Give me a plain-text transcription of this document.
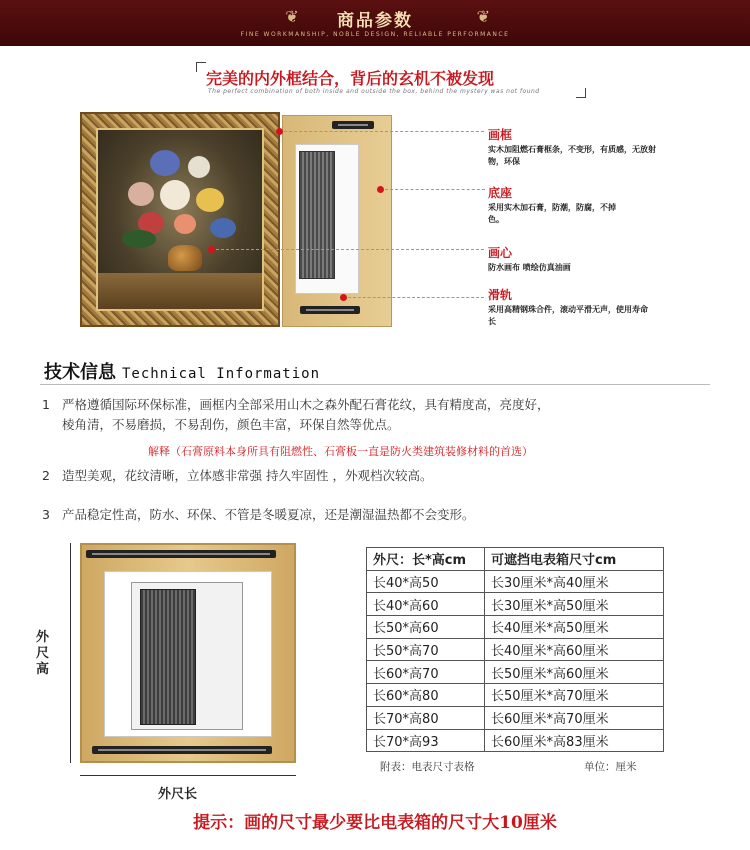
❦	商品参数	❦
FINE WORKMANSHIP, NOBLE DESIGN, RELIABLE PERFORMANCE
完美的内外框结合，背后的玄机不被发现
The perfect combination of both inside and outside the box, behind the mystery was not found
画框
实木加阻燃石膏框条，不变形，有质感，无放射物，环保
底座
采用实木加石膏，防潮，防腐，不掉色。
画心
防水画布 喷绘仿真油画
滑轨
采用高精钢珠合件，滚动平滑无声，使用寿命长
技术信息 Technical Information
1 严格遵循国际环保标准，画框内全部采用山木之森外配石膏花纹，具有精度高，亮度好，
棱角清，不易磨损，不易刮伤，颜色丰富，环保自然等优点。
解释（石膏原料本身所具有阻燃性、石膏板一直是防火类建筑装修材料的首选）
2 造型美观，花纹清晰，立体感非常强 持久牢固性 ，外观档次较高。
3 产品稳定性高，防水、环保、不管是冬暖夏凉，还是潮湿温热都不会变形。
外尺高
外尺长
外尺：长*高cm	可遮挡电表箱尺寸cm
长40*高50	长30厘米*高40厘米
长40*高60	长30厘米*高50厘米
长50*高60	长40厘米*高50厘米
长50*高70	长40厘米*高60厘米
长60*高70	长50厘米*高60厘米
长60*高80	长50厘米*高70厘米
长70*高80	长60厘米*高70厘米
长70*高93	长60厘米*高83厘米
附表：电表尺寸表格	单位：厘米
提示：画的尺寸最少要比电表箱的尺寸大10厘米
